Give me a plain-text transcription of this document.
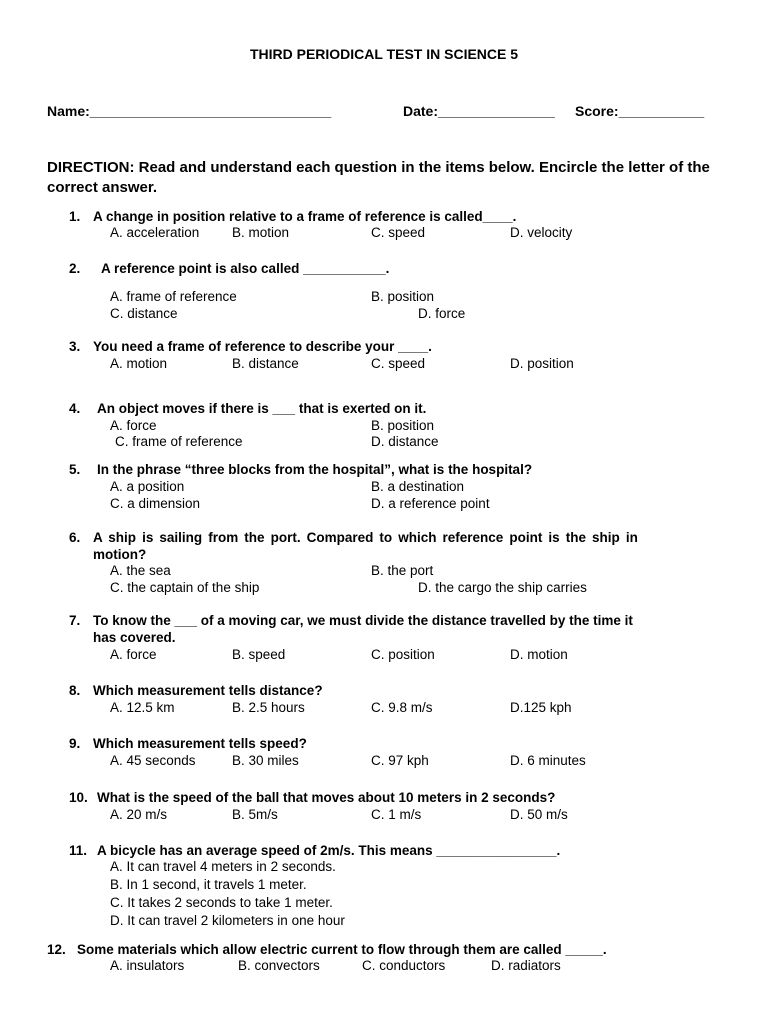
THIRD PERIODICAL TEST IN SCIENCE 5
Name:_______________________________	Date:_______________ Score:___________
DIRECTION: Read and understand each question in the items below. Encircle the letter of the correct answer.
1. A change in position relative to a frame of reference is called____.
A. acceleration B. motion	C. speed	D. velocity
2. A reference point is also called ___________.
A. frame of reference	B. position
C. distance	D. force
3. You need a frame of reference to describe your ____.
A. motion	B. distance	C. speed	D. position
4. An object moves if there is ___ that is exerted on it.
A. force	B. position
C. frame of reference	D. distance
5. In the phrase “three blocks from the hospital”, what is the hospital?
A. a position	B. a destination
C. a dimension	D. a reference point
6. A ship is sailing from the port. Compared to which reference point is the ship in
motion?
A. the sea	B. the port
C. the captain of the ship	D. the cargo the ship carries
7. To know the ___ of a moving car, we must divide the distance travelled by the time it
has covered.
A. force	B. speed	C. position	D. motion
8. Which measurement tells distance?
A. 12.5 km	B. 2.5 hours	C. 9.8 m/s	D.125 kph
9. Which measurement tells speed?
A. 45 seconds	B. 30 miles	C. 97 kph	D. 6 minutes
10. What is the speed of the ball that moves about 10 meters in 2 seconds?
A. 20 m/s	B. 5m/s	C. 1 m/s	D. 50 m/s
11. A bicycle has an average speed of 2m/s. This means ________________.
A. It can travel 4 meters in 2 seconds.
B. In 1 second, it travels 1 meter.
C. It takes 2 seconds to take 1 meter.
D. It can travel 2 kilometers in one hour
12. Some materials which allow electric current to flow through them are called _____.
A. insulators	B. convectors	C. conductors	D. radiators
